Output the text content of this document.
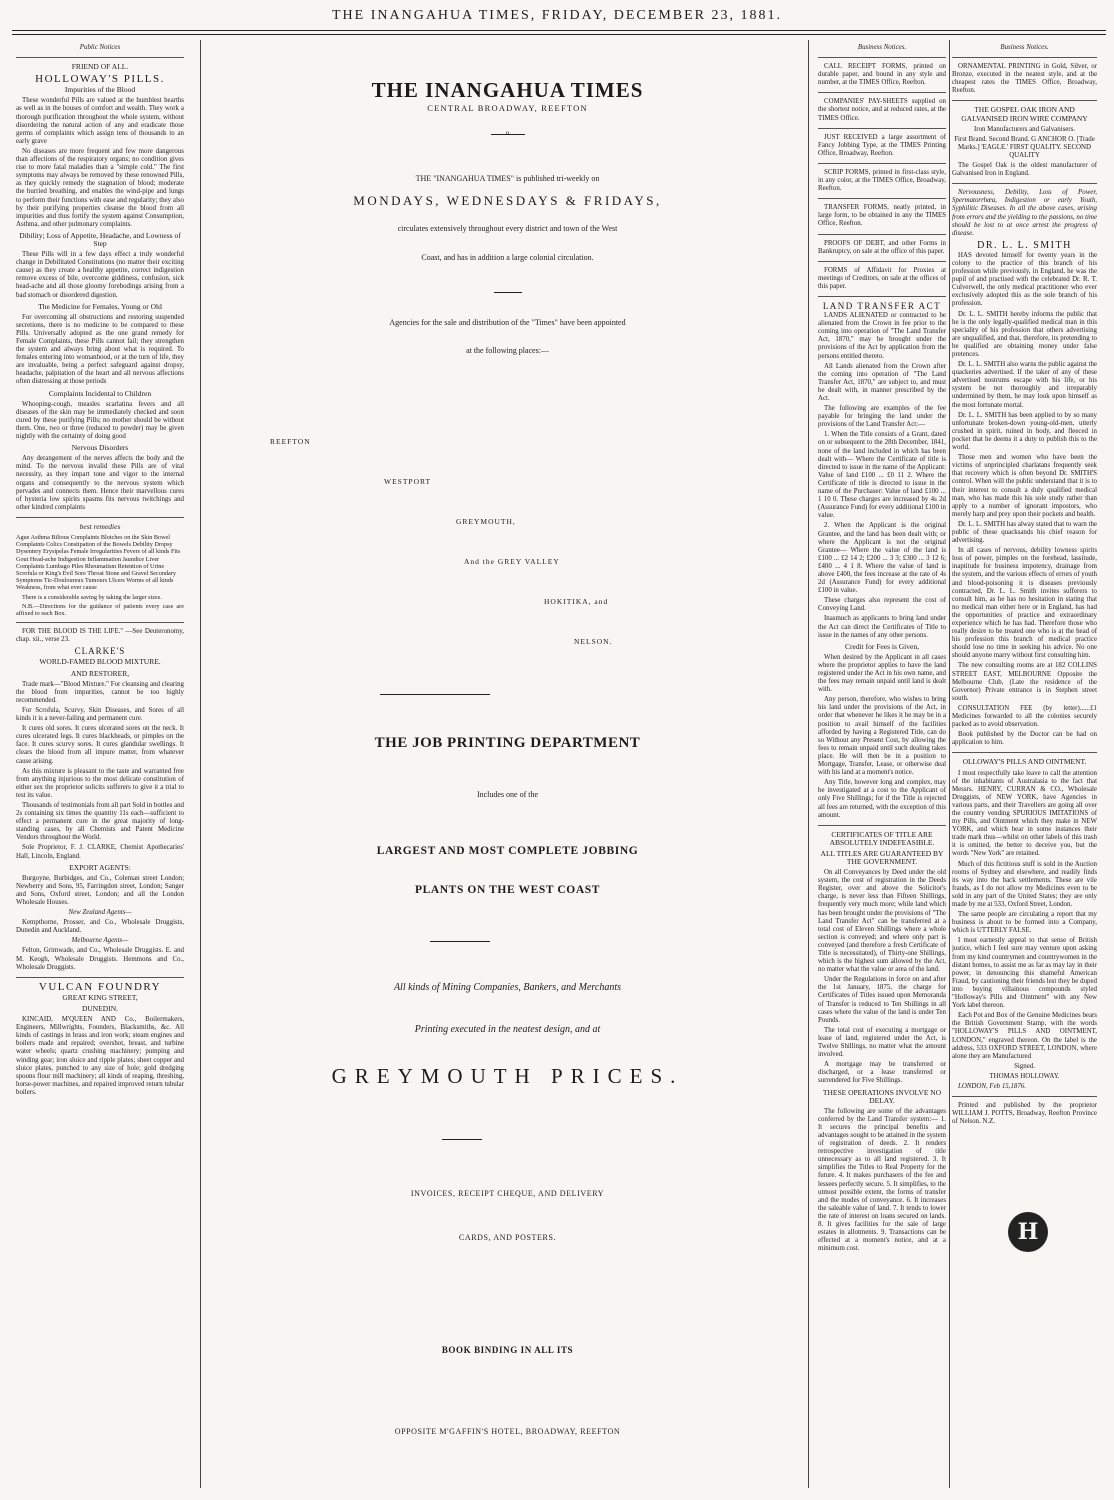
THE INANGAHUA TIMES, FRIDAY, DECEMBER 23, 1881.

Public Notices

FRIEND OF ALL.

HOLLOWAY'S PILLS.

Impurities of the Blood

These wonderful Pills are valued at the humblest hearths as well as in the houses of comfort and wealth. They work a thorough purification throughout the whole system, without disordering the natural action of any and eradicate those germs of complaints which assign tens of thousands to an early grave

No diseases are more frequent and few more dangerous than affections of the respiratory organs; no condition gives rise to more fatal maladies than a "simple cold." The first symptoms may always be removed by these renowned Pills, as they quickly remedy the stagnation of blood; moderate the hurried breathing, and enables the wind-pipe and lungs to perform their functions with ease and regularity; they also by their purifying properties cleanse the blood from all impurities and thus fortify the system against Consumption, Asthma, and other pulmonary complaints.

Dibility; Loss of Appetite, Headache, and Lowness of Step

These Pills will in a few days effect a truly wonderful change in Debilitated Constitutions (no matter their exciting cause) as they create a healthy appetite, correct indigestion remove excess of bile, overcome giddiness, confusion, sick head-ache and all those gloomy forebodings arising from a bad stomach or disordered digestion.

The Medicine for Females, Young or Old

For overcoming all obstructions and restoring suspended secretions, there is no medicine to be compared to these Pills. Universally adopted as the one grand remedy for Female Complaints, these Pills cannot fail; they strengthen the system and always bring about what is required. To females entering into womanhood, or at the turn of life, they are invaluable, being a perfect safeguard against dropsy, headache, palpitation of the heart and all nervous affections often distressing at those periods

Complaints Incidental to Children

Whooping-cough, measles scarlatina fevers and all diseases of the skin may be immediately checked and soon cured by these purifying Pills; no mother should be without them. One, two or three (reduced to powder) may be given nightly with the certainty of doing good

Nervous Disorders

Any derangement of the nerves affects the body and the mind. To the nervous invalid these Pills are of vital necessity, as they impart tone and vigor to the internal organs and consequently to the nervous system which pervades and connects them. Hence their marvellous cures of hysteria low spirits spasms fits nervous twitchings and other kindred complaints

best remedies

Ague Asthma Bilious Complaints Blotches on the Skin Bowel Complaints Colics Constipation of the Bowels Debility Dropsy Dysentery Erysipelas Female Irregularities Fevers of all kinds Fits Gout Head-ache Indigestion Inflammation Jaundice Liver Complaints Lumbago Piles Rheumatism Retention of Urine Scrofula or King's Evil Sore Throat Stone and Gravel Secondary Symptoms Tic-Douloureux Tumours Ulcers Worms of all kinds Weakness, from what ever cause

There is a considerable saving by taking the larger sizes.

N.B.—Directions for the guidance of patients every case are affixed to each Box.

FOR THE BLOOD IS THE LIFE." —See Deuteronomy, chap. xii., verse 23.

CLARKE'S

WORLD-FAMED BLOOD MIXTURE.

AND RESTORER,

Trade mark—"Blood Mixture." For cleansing and clearing the blood from impurities, cannot be too highly recommended.

For Scrofula, Scurvy, Skin Diseases, and Sores of all kinds it is a never-failing and permanent cure.

It cures old sores. It cures ulcerated sores on the neck. It cures ulcerated legs. It cures blackheads, or pimples on the face. It cures scurvy sores. It cures glandular swellings. It clears the blood from all impure matter, from whatever cause arising.

As this mixture is pleasant to the taste and warranted free from anything injurious to the most delicate constitution of either sex the proprietor solicits sufferers to give it a trial to test its value.

Thousands of testimonials from all part Sold in bottles and 2s containing six times the quantity 11s each—sufficient to effect a permanent cure in the great majority of long-standing cases, by all Chemists and Patent Medicine Vendors throughout the World.

Sole Proprietor, F. J. CLARKE, Chemist Apothecaries' Hall, Lincoln, England.

EXPORT AGENTS:

Burgoyne, Burbidges, and Co., Coleman street London; Newberry and Sons, 95, Farringdon street, London; Sanger and Sons, Oxford street, London; and all the London Wholesale Houses.

New Zealand Agents—

Kempthorne, Prosser, and Co., Wholesale Druggists, Dunedin and Auckland.

Melbourne Agents—

Felton, Grimwade, and Co., Wholesale Druggists. E. and M. Keogh, Wholesale Druggists. Hemmons and Co., Wholesale Druggists.

VULCAN FOUNDRY

GREAT KING STREET,

DUNEDIN.

KINCAID, M'QUEEN AND Co., Boilermakers, Engineers, Millwrights, Founders, Blacksmiths, &c. All kinds of castings in brass and iron work; steam engines and boilers made and repaired; overshot, breast, and turbine water wheels; quartz crushing machinery; pumping and winding gear; iron sluice and ripple plates; sheet copper and sluice plates, punched to any size of hole; gold dredging spoons flour mill machinery; all kinds of reaping, threshing, horse-power machines, and repaired improved return tubular boilers.

THE INANGAHUA TIMES
CENTRAL BROADWAY, REEFTON
o
THE "INANGAHUA TIMES" is published tri-weekly on
MONDAYS, WEDNESDAYS & FRIDAYS,
circulates extensively throughout every district and town of the West
Coast, and has in addition a large colonial circulation.
Agencies for the sale and distribution of the "Times" have been appointed
at the following places:—
REEFTON
WESTPORT
GREYMOUTH,
And the GREY VALLEY
HOKITIKA, and
NELSON.
THE JOB PRINTING DEPARTMENT
Includes one of the
LARGEST AND MOST COMPLETE JOBBING
PLANTS ON THE WEST COAST
All kinds of Mining Companies, Bankers, and Merchants
Printing executed in the neatest design, and at
GREYMOUTH PRICES.
INVOICES, RECEIPT CHEQUE, AND DELIVERY
CARDS, AND POSTERS.
BOOK BINDING IN ALL ITS
OPPOSITE M'GAFFIN'S HOTEL, BROADWAY, REEFTON

Business Notices.

CALL RECEIPT FORMS, printed on durable paper, and bound in any style and number, at the TIMES Office, Reefton.

COMPANIES' PAY-SHEETS supplied on the shortest notice, and at reduced rates, at the TIMES Office.

JUST RECEIVED a large assortment of Fancy Jobbing Type, at the TIMES Printing Office, Broadway, Reefton.

SCRIP FORMS, printed in first-class style, in any color, at the TIMES Office, Broadway, Reefton.

TRANSFER FORMS, neatly printed, in large form, to be obtained in any the TIMES Office, Reefton.

PROOFS OF DEBT, and other Forms in Bankruptcy, on sale at the office of this paper.

FORMS of Affidavit for Proxies at meetings of Creditors, on sale at the offices of this paper.

LAND TRANSFER ACT

LANDS ALIENATED or contracted to be alienated from the Crown in fee prior to the coming into operation of "The Land Transfer Act, 1870," may be brought under the provisions of the Act by application from the persons entitled thereto.

All Lands alienated from the Crown after the coming into operation of "The Land Transfer Act, 1870," are subject to, and must be dealt with, in manner prescribed by the Act.

The following are examples of the fee payable for bringing the land under the provisions of the Land Transfer Act:—

1. When the Title consists of a Grant, dated on or subsequent to the 28th December, 1841, none of the land included in which has been dealt with— Where the Certificate of title is directed to issue in the name of the Applicant: Value of land £100 ... £0 11 2. Where the Certificate of title is directed to issue in the name of the Purchaser: Value of land £100 ... 1 10 0. These charges are increased by 4s 2d (Assurance Fund) for every additional £100 in value.

2. When the Applicant is the original Grantee, and the land has been dealt with; or where the Applicant is not the original Grantee— Where the value of the land is £100 ... £2 14 2; £200 ... 3 3; £300 ... 3 12 6; £400 ... 4 1 8. Where the value of land is above £400, the fees increase at the rate of 4s 2d (Assurance Fund) for every additional £100 in value.

These charges also represent the cost of Conveying Land.

Inasmuch as applicants to bring land under the Act can direct the Certificates of Title to issue in the names of any other persons.

Credit for Fees is Given,

When desired by the Applicant in all cases where the proprietor applies to have the land registered under the Act in his own name, and the fees may remain unpaid until land is dealt with.

Any person, therefore, who wishes to bring his land under the provisions of the Act, in order that whenever he likes it he may be in a position to avail himself of the facilities afforded by having a Registered Title, can do so Without any Present Cost, by allowing the fees to remain unpaid until such dealing takes place. He will then be in a position to Mortgage, Transfer, Lease, or otherwise deal with his land at a moment's notice.

Any Title, however long and complex, may be investigated at a cost to the Applicant of only Five Shillings; for if the Title is rejected all fees are returned, with the exception of this amount.

CERTIFICATES OF TITLE ARE ABSOLUTELY INDEFEASIBLE.

ALL TITLES ARE GUARANTEED BY THE GOVERNMENT.

On all Conveyances by Deed under the old system, the cost of registration in the Deeds Register, over and above the Solicitor's charge, is never less than Fifteen Shillings, frequently very much more; while land which has been brought under the provisions of "The Land Transfer Act" can be transferred at a total cost of Eleven Shillings where a whole section is conveyed; and where only part is conveyed (and therefore a fresh Certificate of Title is necessitated), of Thirty-one Shillings, which is the highest sum allowed by the Act, no matter what the value or area of the land.

Under the Regulations in force on and after the 1st January, 1875, the charge for Certificates of Titles issued upon Memoranda of Transfer is reduced to Ten Shillings in all cases where the value of the land is under Ten Pounds.

The total cost of executing a mortgage or lease of land, registered under the Act, is Twelve Shillings, no matter what the amount involved.

A mortgage may be transferred or discharged, or a lease transferred or surrendered for Five Shillings.

THESE OPERATIONS INVOLVE NO DELAY.

The following are some of the advantages conferred by the Land Transfer system:— 1. It secures the principal benefits and advantages sought to be attained in the system of registration of deeds. 2. It renders retrospective investigation of title unnecessary as to all land registered. 3. It simplifies the Titles to Real Property for the future. 4. It makes purchasers of the fee and lessees perfectly secure. 5. It simplifies, to the utmost possible extent, the forms of transfer and the modes of conveyance. 6. It increases the saleable value of land. 7. It tends to lower the rate of interest on loans secured on lands. 8. It gives facilities for the sale of large estates in allotments. 9. Transactions can be effected at a moment's notice, and at a minimum cost.

Business Notices.

ORNAMENTAL PRINTING in Gold, Silver, or Bronze, executed in the neatest style, and at the cheapest rates the TIMES Office, Broadway, Reefton.

THE GOSPEL OAK IRON AND GALVANISED IRON WIRE COMPANY

Iron Manufacturers and Galvanisers.

First Brand. Second Brand. G ANCHOR O. [Trade Marks.] 'EAGLE.' FIRST QUALITY. SECOND QUALITY

The Gospel Oak is the oldest manufacturer of Galvanised Iron in England.

Nervousness, Debility, Loss of Power, Spermatorrhœa, Indigestion or early Youth, Syphilitic Diseases. In all the above cases, arising from errors and the yielding to the passions, no time should be lost to at once arrest the progress of disease.

DR. L. L. SMITH

HAS devoted himself for twenty years in the colony to the practice of this branch of his profession while previously, in England, he was the pupil of and practised with the celebrated Dr. R. T. Culverwell, the only medical practitioner who ever exclusively adopted this as the sole branch of his profession.

Dr. L. L. SMITH hereby informs the public that he is the only legally-qualified medical man in this speciality of his profession that others advertising are unqualified, and that, therefore, its pretending to be qualified are obtaining money under false pretences.

Dr. L. L. SMITH also warns the public against the quackeries advertised. If the taker of any of these advertised nostrums escape with his life, or his system be not thoroughly and irreparably undermined by them, he may look upon himself as the most fortunate mortal.

Dr. L. L. SMITH has been applied to by so many unfortunate broken-down young-old-men, utterly crushed in spirit, ruined in body, and fleeced in pocket that he deems it a duty to publish this to the world.

Those men and women who have been the victims of unprincipled charlatans frequently seek that recovery which is often beyond Dr. SMITH'S control. When will the public understand that it is to their interest to consult a duly qualified medical man, who has made this his sole study rather than apply to a number of ignorant impostors, who merely harp and prey upon their pockets and health.

Dr. L. L. SMITH has alway stated that to warn the public of these quacksands his chief reason for advertising.

In all cases of nervous, debility lowness spirits loss of power, pimples on the forehead, lassitude, inaptitude for business impotency, drainage from the system, and the various effects of errors of youth and blood-poisoning it is diseases previously contracted, Dr. L. L. Smith invites sufferers to consult him, as he has no hesitation in stating that no medical man either here or in England, has had the opportunities of practice and extraordinary experience which he has had. Therefore those who really desire to be treated one who is at the head of his profession this branch of medical practice should lose no time in seeking his advice. No one should anyone marry without first consulting him.

The new consulting rooms are at 182 COLLINS STREET EAST, MELBOURNE Opposite the Melbourne Club, (Late the residence of the Governor) Private entrance is in Stephen street south.

CONSULTATION FEE (by letter)......£1 Medicines forwarded to all the colonies securely packed as to avoid observation.

Book published by the Doctor can be had on application to him.

OLLOWAY'S PILLS AND OINTMENT.

I most respectfully take leave to call the attention of the inhabitants of Australasia to the fact that Messrs. HENRY, CURRAN & CO., Wholesale Druggists, of NEW YORK, have Agencies in various parts, and their Travellers are going all over the country vending SPURIOUS IMITATIONS of my Pills, and Ointment which they make in NEW YORK, and which bear in some instances their trade mark thus—whilst on other labels of this trash it is omitted, the better to deceive you, but the words "New York" are retained.

Much of this fictitious stuff is sold in the Auction rooms of Sydney and elsewhere, and readily finds its way into the back settlements. These are vile frauds, as I do not allow my Medicines even to be sold in any part of the United States; they are only made by me at 533, Oxford Street, London.

The same people are circulating a report that my business is about to be formed into a Company, which is UTTERLY FALSE.

I most earnestly appeal to that sense of British justice, which I feel sure may venture upon asking from my kind countrymen and countrywomen in the distant homes, to assist me as far as may lay in their power, in denouncing this shameful American Fraud, by cautioning their friends lest they be duped into buying villainous compounds styled "Holloway's Pills and Ointment" with any New York label thereon.

Each Pot and Box of the Genuine Medicines bears the British Government Stamp, with the words "HOLLOWAY'S PILLS AND OINTMENT, LONDON," engraved thereon. On the label is the address, 533 OXFORD STREET, LONDON, where alone they are Manufactured

Signed.

THOMAS HOLLOWAY.

LONDON, Feb 15,1876.

Printed and published by the proprietor WILLIAM J. POTTS, Broadway, Reefton Province of Nelson. N.Z.

H
